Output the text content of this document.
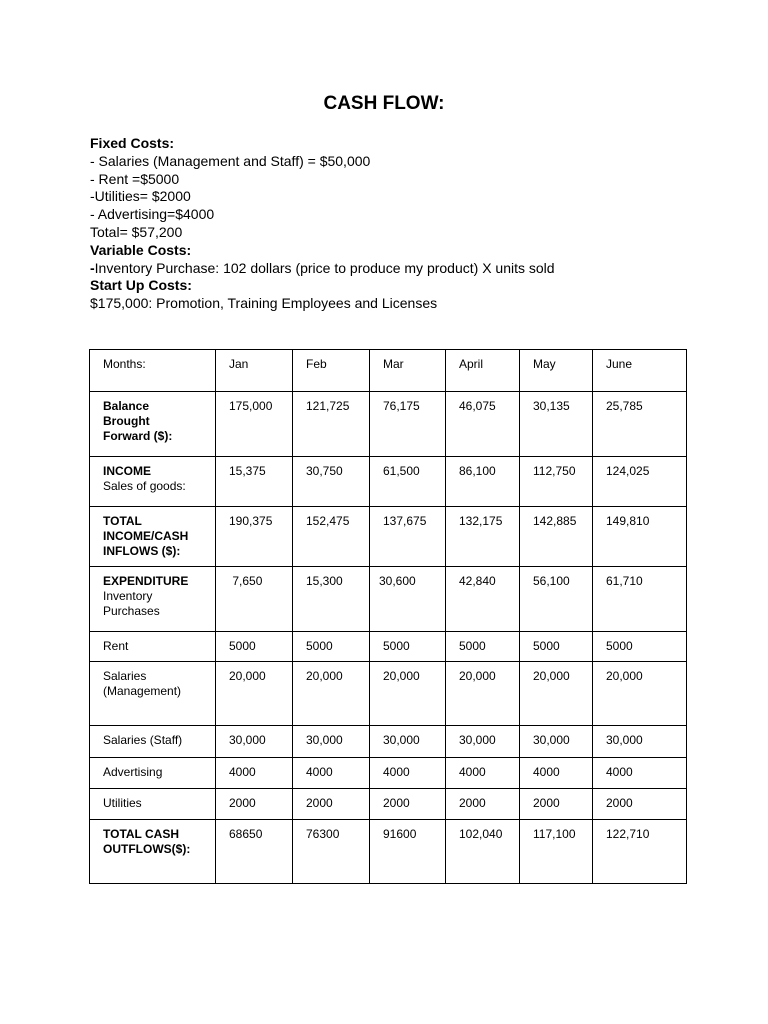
CASH FLOW:
Fixed Costs:
- Salaries (Management and Staff) = $50,000
- Rent =$5000
-Utilities= $2000
- Advertising=$4000
Total= $57,200
Variable Costs:
-Inventory Purchase: 102 dollars (price to produce my product) X units sold
Start Up Costs:
$175,000: Promotion, Training Employees and Licenses
Months:	Jan	Feb	Mar	April	May	June

Balance
Brought
Forward ($):	175,000	121,725	76,175	46,075	30,135	25,785

INCOME
Sales of goods:	15,375	30,750	61,500	86,100	112,750	124,025

TOTAL
INCOME/CASH
INFLOWS ($):	190,375	152,475	137,675	132,175	142,885	149,810

EXPENDITURE
Inventory
Purchases	7,650	15,300	30,600	42,840	56,100	61,710
Rent	5000	5000	5000	5000	5000	5000

Salaries
(Management)	20,000	20,000	20,000	20,000	20,000	20,000
Salaries (Staff)	30,000	30,000	30,000	30,000	30,000	30,000
Advertising	4000	4000	4000	4000	4000	4000
Utilities	2000	2000	2000	2000	2000	2000

TOTAL CASH
OUTFLOWS($):	68650	76300	91600	102,040	117,100	122,710
